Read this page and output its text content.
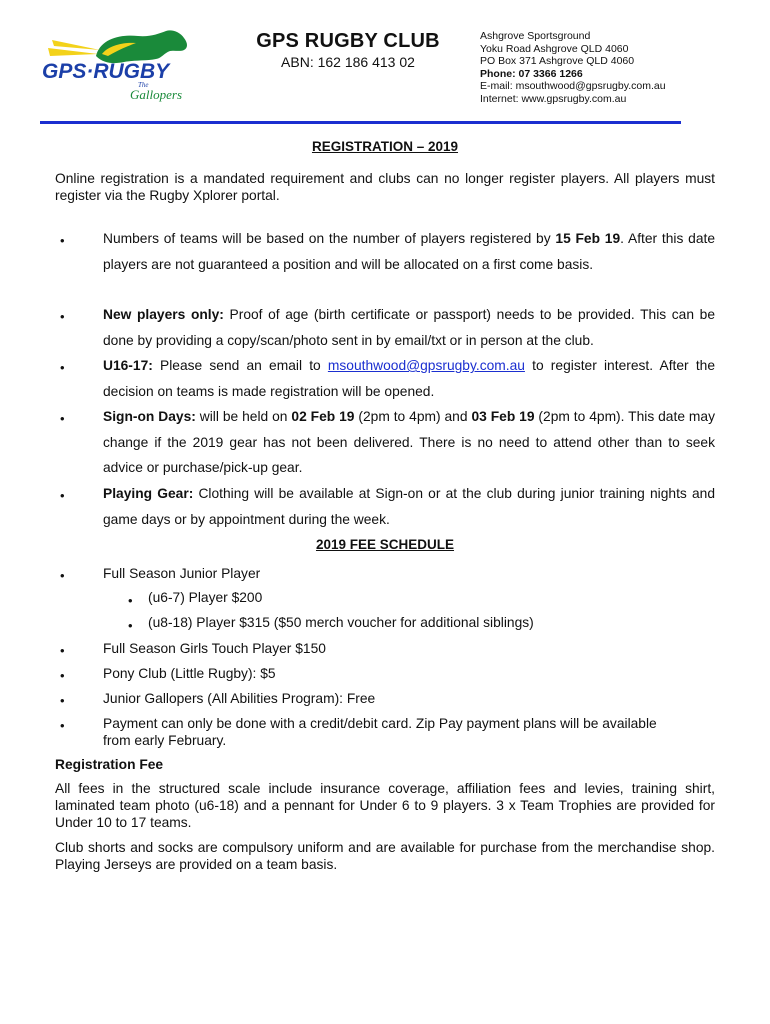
GPS·RUGBY
The
Gallopers
GPS RUGBY CLUB
ABN: 162 186 413 02
Ashgrove Sportsground
Yoku Road Ashgrove QLD 4060
PO Box 371 Ashgrove QLD 4060
Phone: 07 3366 1266
E-mail: msouthwood@gpsrugby.com.au
Internet: www.gpsrugby.com.au
REGISTRATION – 2019
Online registration is a mandated requirement and clubs can no longer register players. All players must register via the Rugby Xplorer portal.
•	Numbers of teams will be based on the number of players registered by 15 Feb 19. After this date players are not guaranteed a position and will be allocated on a first come basis.
•	New players only: Proof of age (birth certificate or passport) needs to be provided. This can be done by providing a copy/scan/photo sent in by email/txt or in person at the club.
•	U16-17: Please send an email to msouthwood@gpsrugby.com.au to register interest. After the decision on teams is made registration will be opened.
•	Sign-on Days: will be held on 02 Feb 19 (2pm to 4pm) and 03 Feb 19 (2pm to 4pm). This date may change if the 2019 gear has not been delivered. There is no need to attend other than to seek advice or purchase/pick-up gear.
•	Playing Gear: Clothing will be available at Sign-on or at the club during junior training nights and game days or by appointment during the week.
2019 FEE SCHEDULE
•	Full Season Junior Player
• (u6-7) Player $200
• (u8-18) Player $315 ($50 merch voucher for additional siblings)
•	Full Season Girls Touch Player $150
•	Pony Club (Little Rugby): $5
•	Junior Gallopers (All Abilities Program): Free
•	Payment can only be done with a credit/debit card. Zip Pay payment plans will be available from early February.
Registration Fee
All fees in the structured scale include insurance coverage, affiliation fees and levies, training shirt, laminated team photo (u6-18) and a pennant for Under 6 to 9 players. 3 x Team Trophies are provided for Under 10 to 17 teams.
Club shorts and socks are compulsory uniform and are available for purchase from the merchandise shop. Playing Jerseys are provided on a team basis.
